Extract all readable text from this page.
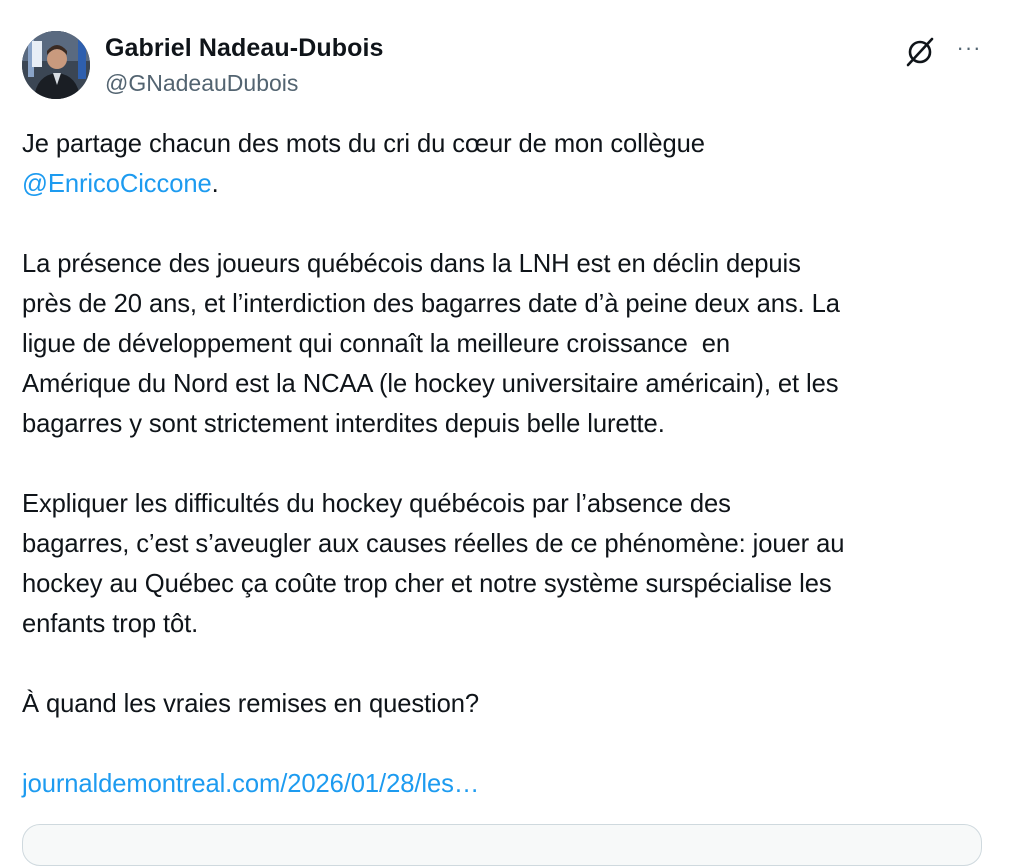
Gabriel Nadeau-Dubois
@GNadeauDubois
···

Je partage chacun des mots du cri du cœur de mon collègue
@EnricoCiccone.

La présence des joueurs québécois dans la LNH est en déclin depuis
près de 20 ans, et l’interdiction des bagarres date d’à peine deux ans. La
ligue de développement qui connaît la meilleure croissance  en
Amérique du Nord est la NCAA (le hockey universitaire américain), et les
bagarres y sont strictement interdites depuis belle lurette.

Expliquer les difficultés du hockey québécois par l’absence des
bagarres, c’est s’aveugler aux causes réelles de ce phénomène: jouer au
hockey au Québec ça coûte trop cher et notre système surspécialise les
enfants trop tôt.

À quand les vraies remises en question?

journaldemontreal.com/2026/01/28/les…
